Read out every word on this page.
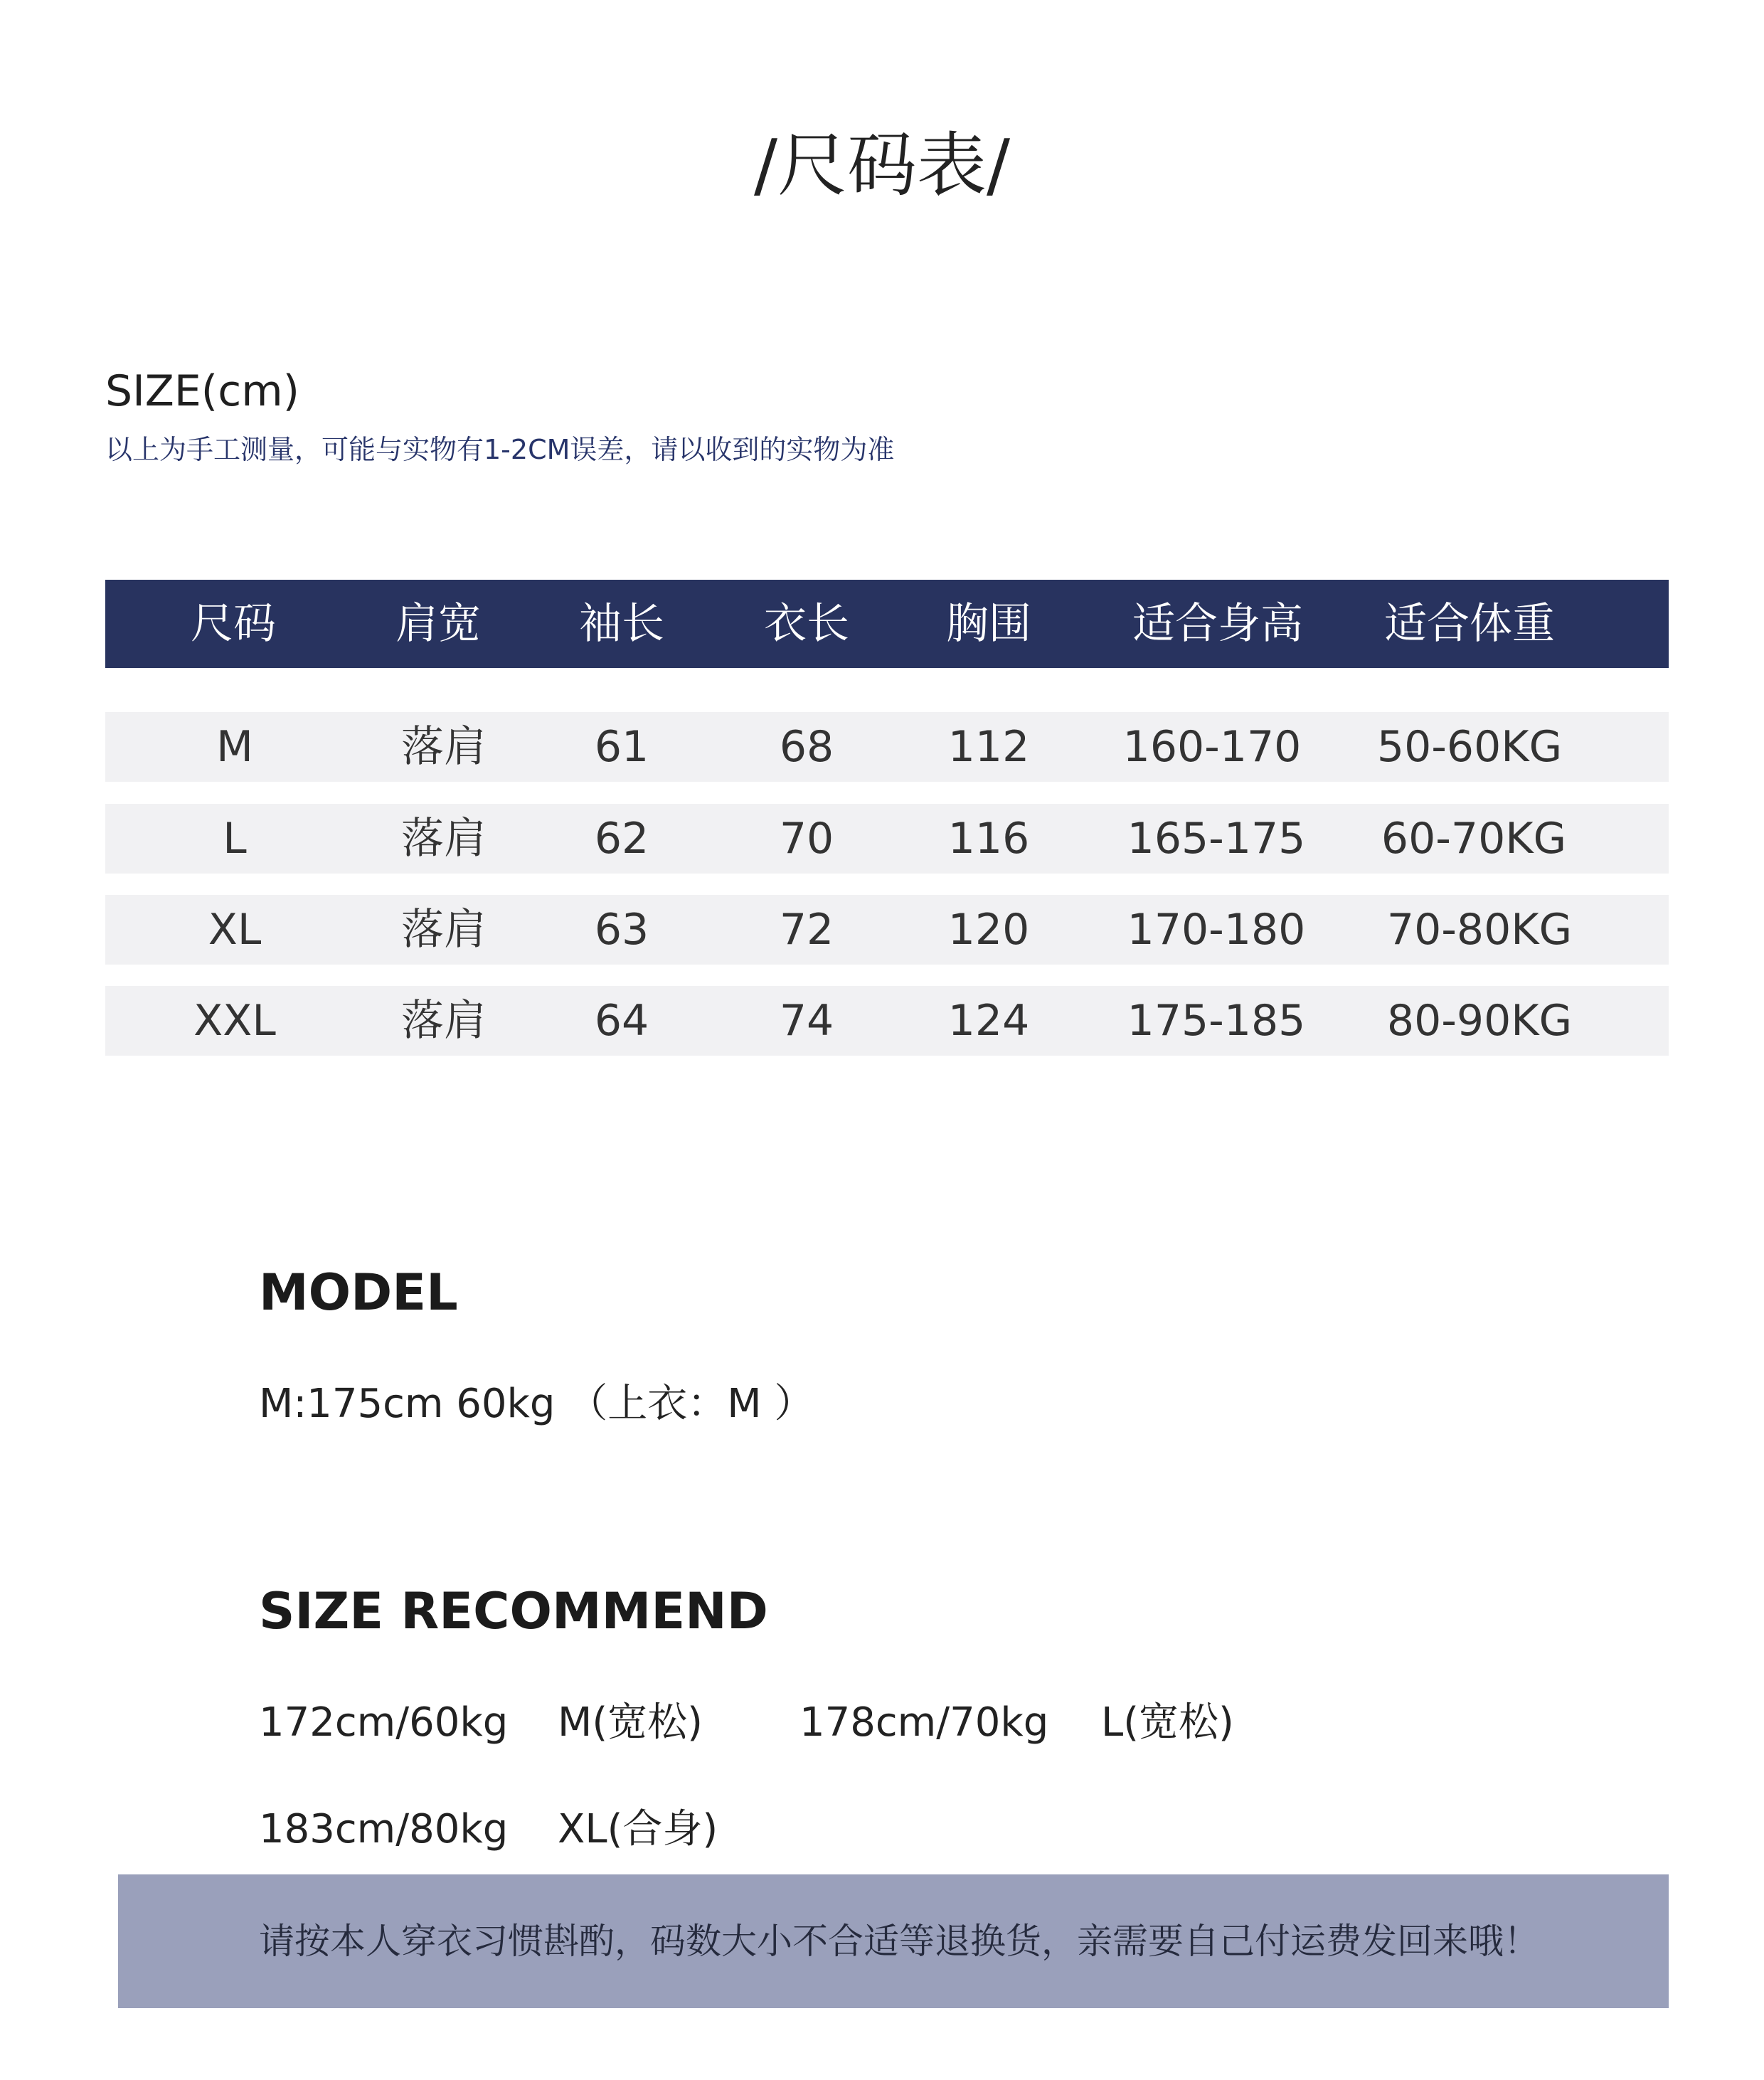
/尺码表/
SIZE(cm)
以上为手工测量，可能与实物有1-2CM误差，请以收到的实物为准
尺码	肩宽 袖长 衣长 胸围 适合身高 适合体重
M	落肩	61	68	112 160-170 50-60KG
L	落肩	62	70	116 165-175 60-70KG
XL	落肩	63	72	120 170-180 70-80KG
XXL	落肩	64	74	124 175-185 80-90KG
MODEL
M:175cm 60kg （上衣：M ）
SIZE RECOMMEND
172cm/60kg M(宽松) 178cm/70kg L(宽松)
183cm/80kg XL(合身)
请按本人穿衣习惯斟酌，码数大小不合适等退换货，亲需要自己付运费发回来哦！
